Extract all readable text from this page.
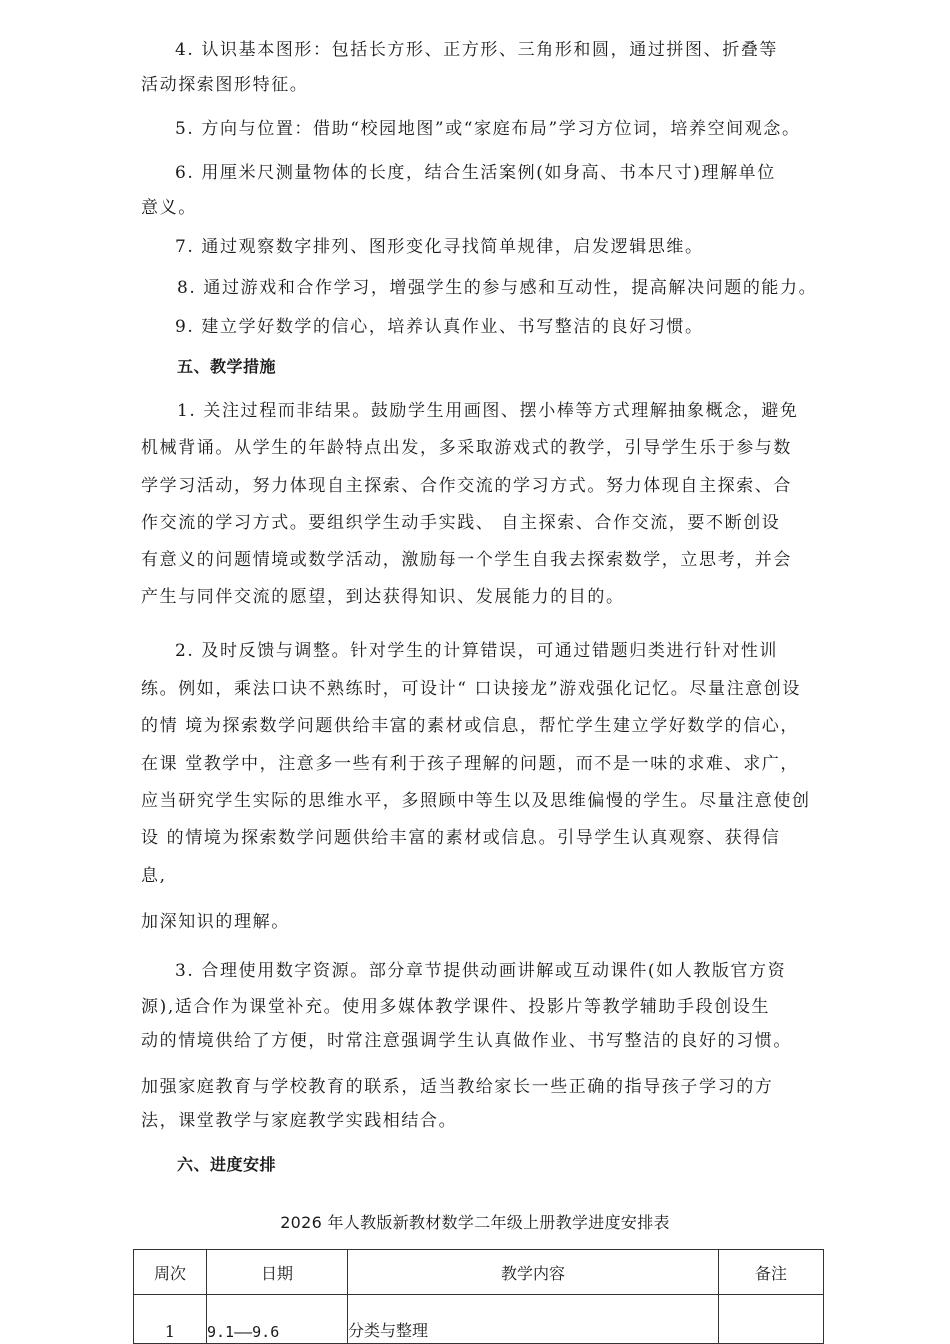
4. 认识基本图形：包括长方形、正方形、三角形和圆，通过拼图、折叠等
活动探索图形特征。
5. 方向与位置：借助“校园地图”或“家庭布局”学习方位词，培养空间观念。
6. 用厘米尺测量物体的长度，结合生活案例(如身高、书本尺寸)理解单位
意义。
7. 通过观察数字排列、图形变化寻找简单规律，启发逻辑思维。
8. 通过游戏和合作学习，增强学生的参与感和互动性，提高解决问题的能力。
9. 建立学好数学的信心，培养认真作业、书写整洁的良好习惯。
五、教学措施
1. 关注过程而非结果。鼓励学生用画图、摆小棒等方式理解抽象概念，避免
机械背诵。从学生的年龄特点出发，多采取游戏式的教学，引导学生乐于参与数
学学习活动，努力体现自主探索、合作交流的学习方式。努力体现自主探索、合
作交流的学习方式。要组织学生动手实践、 自主探索、合作交流，要不断创设
有意义的问题情境或数学活动，激励每一个学生自我去探索数学，立思考，并会
产生与同伴交流的愿望，到达获得知识、发展能力的目的。
2. 及时反馈与调整。针对学生的计算错误，可通过错题归类进行针对性训
练。例如，乘法口诀不熟练时，可设计“ 口诀接龙”游戏强化记忆。尽量注意创设
的情 境为探索数学问题供给丰富的素材或信息，帮忙学生建立学好数学的信心，
在课 堂教学中，注意多一些有利于孩子理解的问题，而不是一味的求难、求广，
应当研究学生实际的思维水平，多照顾中等生以及思维偏慢的学生。尽量注意使创
设 的情境为探索数学问题供给丰富的素材或信息。引导学生认真观察、获得信
息,
加深知识的理解。
3. 合理使用数字资源。部分章节提供动画讲解或互动课件(如人教版官方资
源),适合作为课堂补充。使用多媒体教学课件、投影片等教学辅助手段创设生
动的情境供给了方便，时常注意强调学生认真做作业、书写整洁的良好的习惯。
加强家庭教育与学校教育的联系，适当教给家长一些正确的指导孩子学习的方
法，课堂教学与家庭教学实践相结合。
六、进度安排
2026 年人教版新教材数学二年级上册教学进度安排表
周次	日期	教学内容	备注
1	9.1——9.6	分类与整理	
